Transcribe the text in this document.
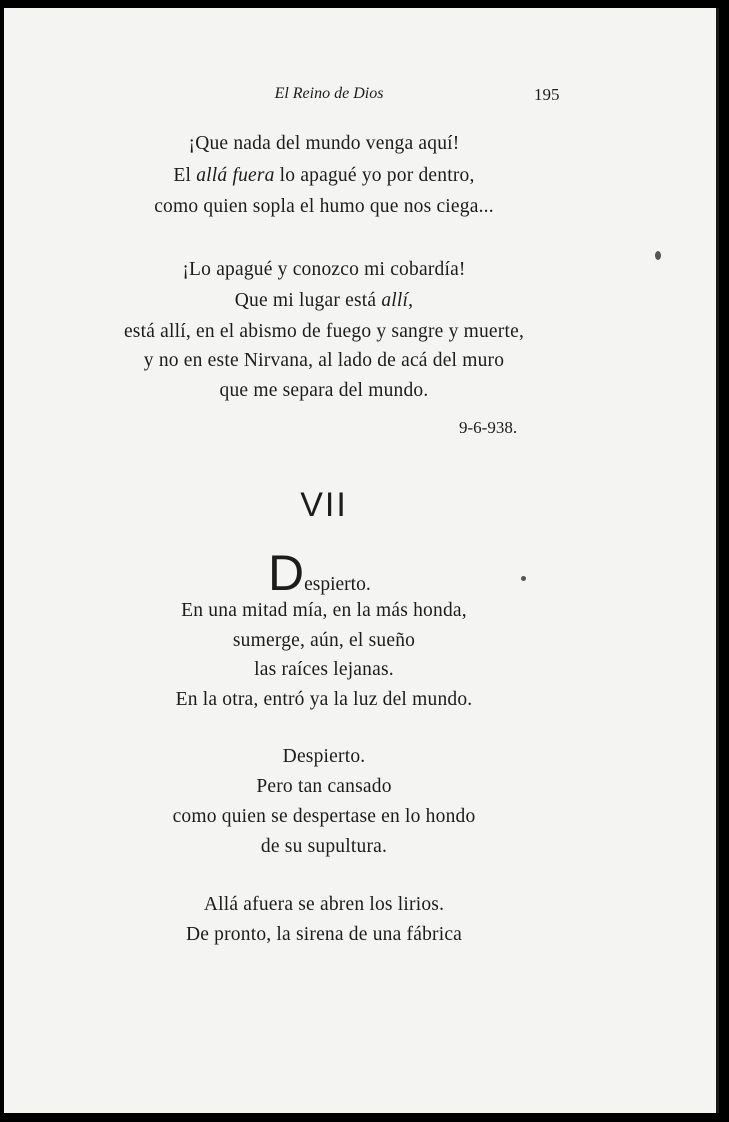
El Reino de Dios	195
¡Que nada del mundo venga aquí!
El allá fuera lo apagué yo por dentro,
como quien sopla el humo que nos ciega...
¡Lo apagué y conozco mi cobardía!
Que mi lugar está allí,
está allí, en el abismo de fuego y sangre y muerte,
y no en este Nirvana, al lado de acá del muro
que me separa del mundo.
9-6-938.
VII
Despierto.
En una mitad mía, en la más honda,
sumerge, aún, el sueño
las raíces lejanas.
En la otra, entró ya la luz del mundo.
Despierto.
Pero tan cansado
como quien se despertase en lo hondo
de su supultura.
Allá afuera se abren los lirios.
De pronto, la sirena de una fábrica
